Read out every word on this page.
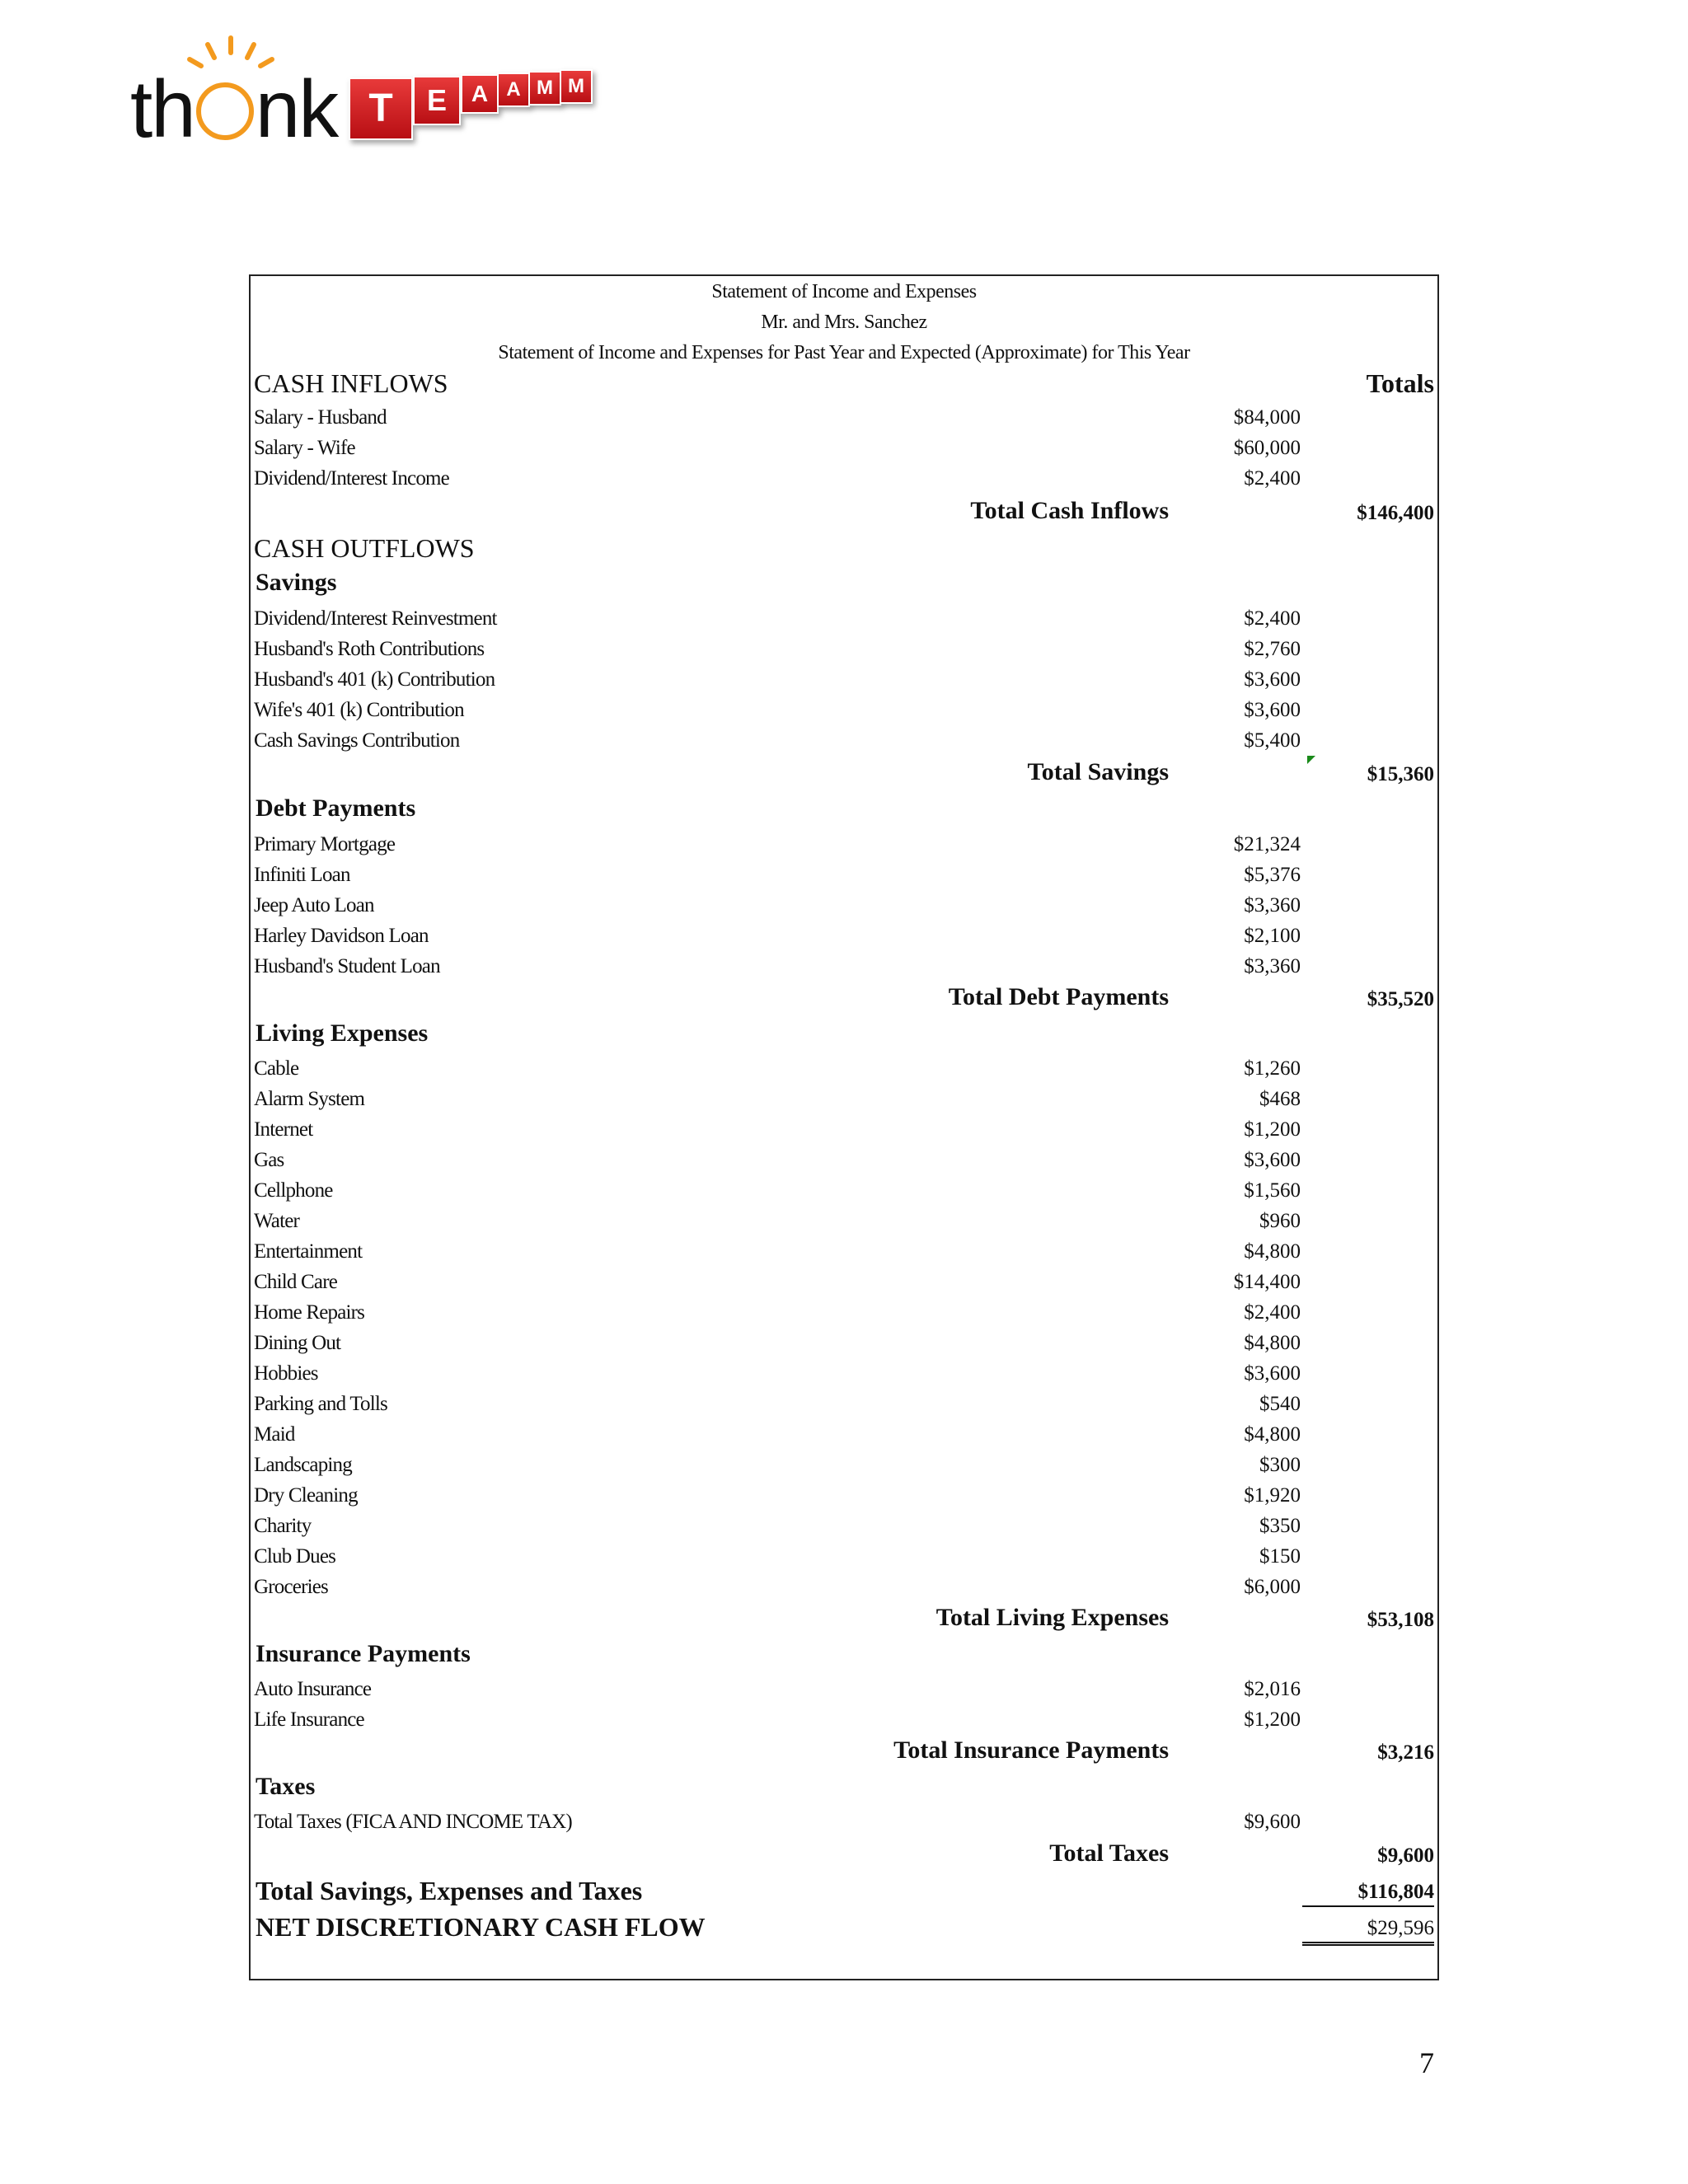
th nk T	E	A A M M
Statement of Income and Expenses
Mr. and Mrs. Sanchez
Statement of Income and Expenses for Past Year and Expected (Approximate) for This Year
CASH INFLOWS	Totals
Salary - Husband	$84,000
Salary - Wife	$60,000
Dividend/Interest Income	$2,400
Total Cash Inflows	$146,400
CASH OUTFLOWS
Savings
Dividend/Interest Reinvestment	$2,400
Husband's Roth Contributions	$2,760
Husband's 401 (k) Contribution	$3,600
Wife's 401 (k) Contribution	$3,600
Cash Savings Contribution	$5,400
Total Savings	$15,360
Debt Payments
Primary Mortgage	$21,324
Infiniti Loan	$5,376
Jeep Auto Loan	$3,360
Harley Davidson Loan	$2,100
Husband's Student Loan	$3,360
Total Debt Payments	$35,520
Living Expenses
Cable	$1,260
Alarm System	$468
Internet	$1,200
Gas	$3,600
Cellphone	$1,560
Water	$960
Entertainment	$4,800
Child Care	$14,400
Home Repairs	$2,400
Dining Out	$4,800
Hobbies	$3,600
Parking and Tolls	$540
Maid	$4,800
Landscaping	$300
Dry Cleaning	$1,920
Charity	$350
Club Dues	$150
Groceries	$6,000
Total Living Expenses	$53,108
Insurance Payments
Auto Insurance	$2,016
Life Insurance	$1,200
Total Insurance Payments	$3,216
Taxes
Total Taxes (FICA AND INCOME TAX)	$9,600
Total Taxes	$9,600
Total Savings, Expenses and Taxes	$116,804
NET DISCRETIONARY CASH FLOW	$29,596
7
